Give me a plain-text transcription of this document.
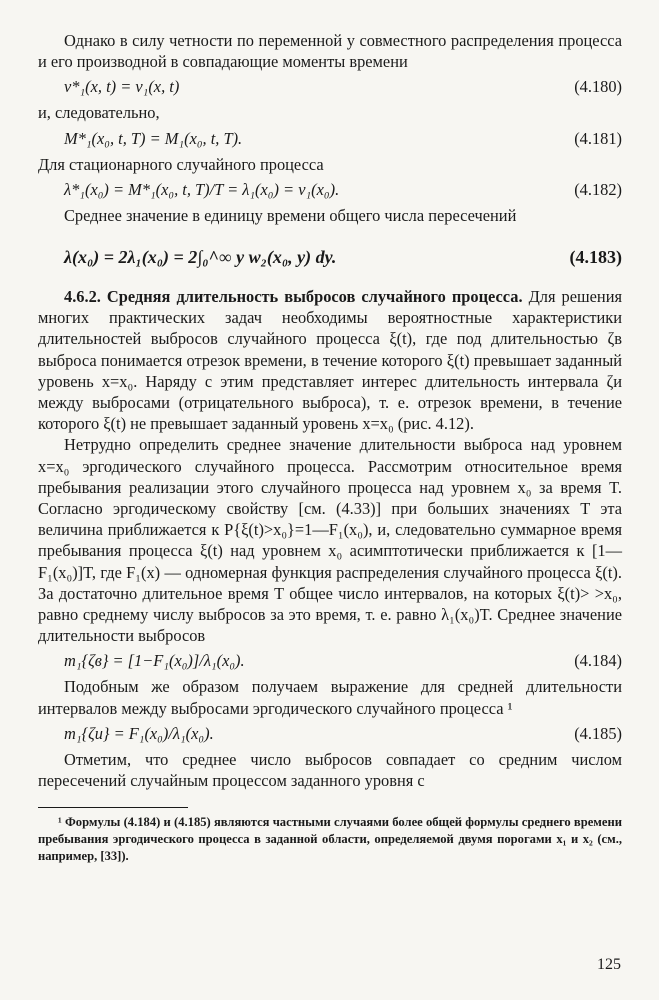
Однако в силу четности по переменной y совместного распределения процесса и его производной в совпадающие моменты времени

v*₁(x, t) = v₁(x, t)	(4.180)

и, следовательно,

M*₁(x₀, t, T) = M₁(x₀, t, T).	(4.181)

Для стационарного случайного процесса

λ*₁(x₀) = M*₁(x₀, t, T)/T = λ₁(x₀) = v₁(x₀).	(4.182)

Среднее значение в единицу времени общего числа пересечений

λ(x₀) = 2λ₁(x₀) = 2∫₀^∞ y w₂(x₀, y) dy.	(4.183)

4.6.2. Средняя длительность выбросов случайного процесса. Для решения многих практических задач необходимы вероятностные характеристики длительностей выбросов случайного процесса ξ(t), где под длительностью ζв выброса понимается отрезок времени, в течение которого ξ(t) превышает заданный уровень x=x₀. Наряду с этим представляет интерес длительность интервала ζи между выбросами (отрицательного выброса), т. е. отрезок времени, в течение которого ξ(t) не превышает заданный уровень x=x₀ (рис. 4.12).

Нетрудно определить среднее значение длительности выброса над уровнем x=x₀ эргодического случайного процесса. Рассмотрим относительное время пребывания реализации этого случайного процесса над уровнем x₀ за время T. Согласно эргодическому свойству [см. (4.33)] при больших значениях T эта величина приближается к P{ξ(t)>x₀}=1—F₁(x₀), и, следовательно суммарное время пребывания процесса ξ(t) над уровнем x₀ асимптотически приближается к [1—F₁(x₀)]T, где F₁(x) — одномерная функция распределения случайного процесса ξ(t). За достаточно длительное время T общее число интервалов, на которых ξ(t)> >x₀, равно среднему числу выбросов за это время, т. е. равно λ₁(x₀)T. Среднее значение длительности выбросов

m₁{ζв} = [1−F₁(x₀)]/λ₁(x₀).	(4.184)

Подобным же образом получаем выражение для средней длительности интервалов между выбросами эргодического случайного процесса ¹

m₁{ζи} = F₁(x₀)/λ₁(x₀).	(4.185)

Отметим, что среднее число выбросов совпадает со средним числом пересечений случайным процессом заданного уровня с

¹ Формулы (4.184) и (4.185) являются частными случаями более общей формулы среднего времени пребывания эргодического процесса в заданной области, определяемой двумя порогами x₁ и x₂ (см., например, [33]).

125
